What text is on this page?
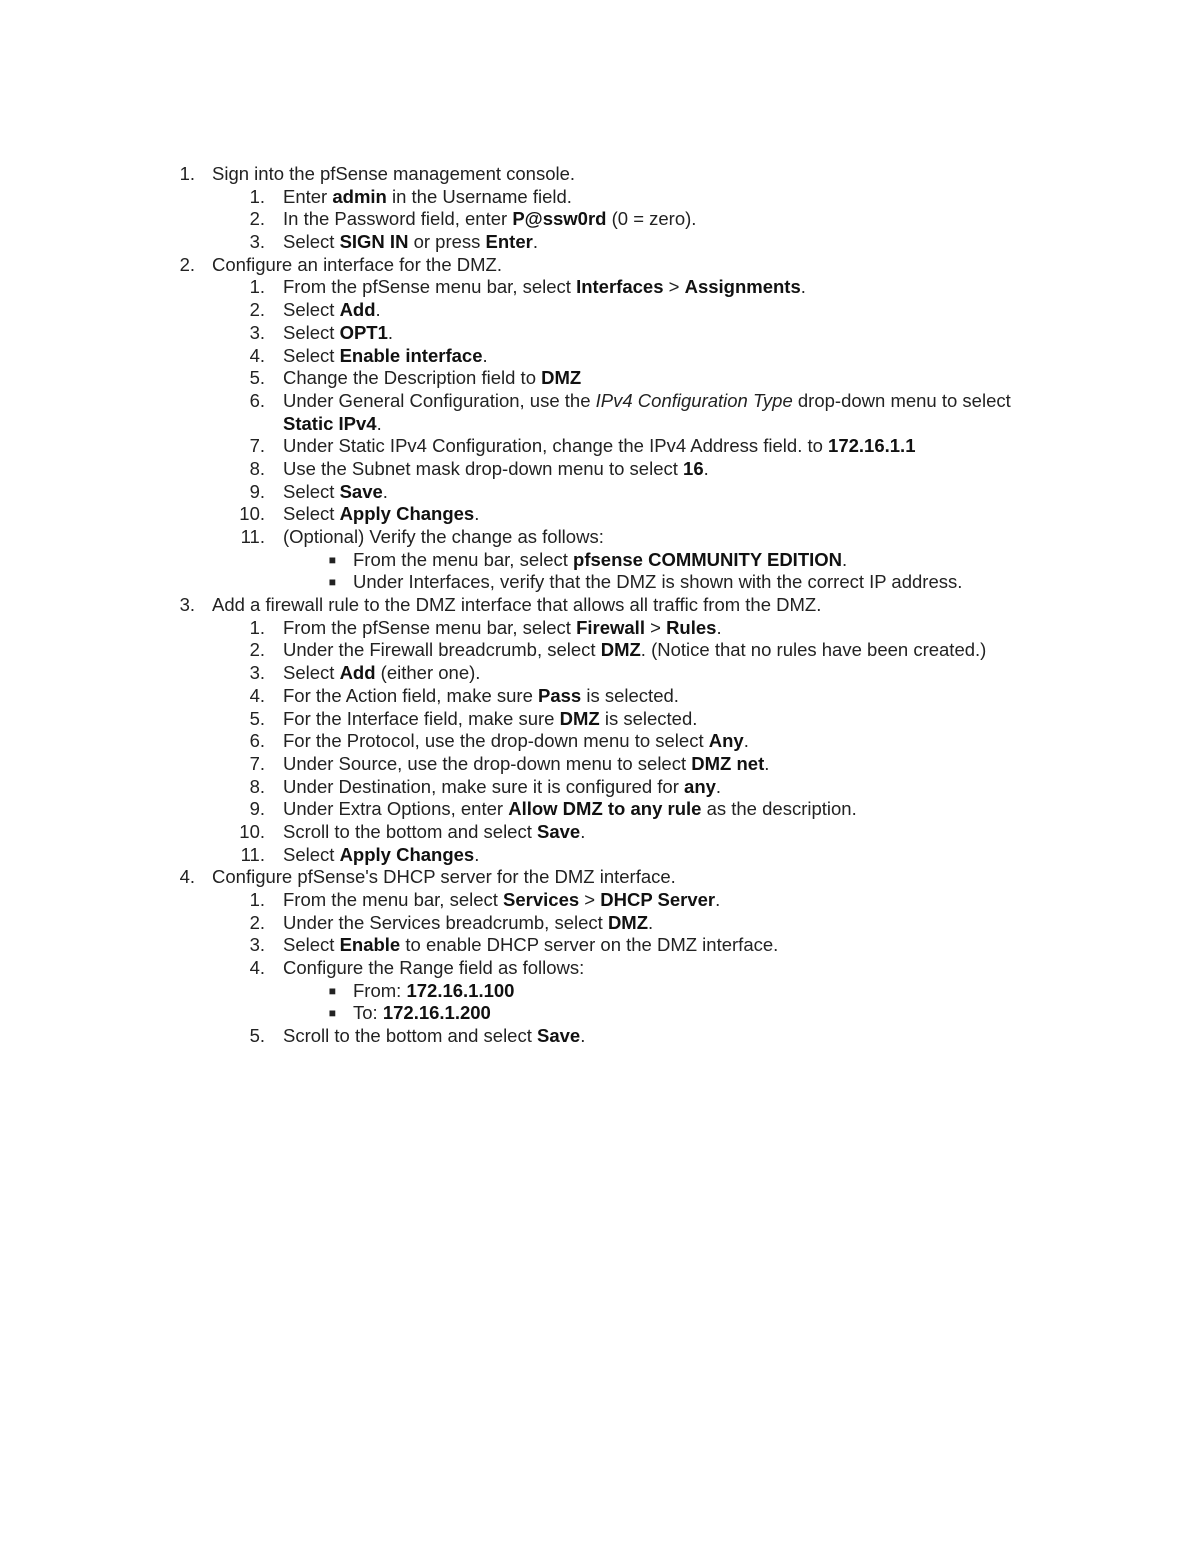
1. Sign into the pfSense management console.
1. Enter admin in the Username field.
2. In the Password field, enter P@ssw0rd (0 = zero).
3. Select SIGN IN or press Enter.
2. Configure an interface for the DMZ.
1. From the pfSense menu bar, select Interfaces > Assignments.
2. Select Add.
3. Select OPT1.
4. Select Enable interface.
5. Change the Description field to DMZ
6. Under General Configuration, use the IPv4 Configuration Type drop-down menu to select
Static IPv4.
7. Under Static IPv4 Configuration, change the IPv4 Address field. to 172.16.1.1
8. Use the Subnet mask drop-down menu to select 16.
9. Select Save.
10. Select Apply Changes.
11. (Optional) Verify the change as follows:
■ From the menu bar, select pfsense COMMUNITY EDITION.
■ Under Interfaces, verify that the DMZ is shown with the correct IP address.
3. Add a firewall rule to the DMZ interface that allows all traffic from the DMZ.
1. From the pfSense menu bar, select Firewall > Rules.
2. Under the Firewall breadcrumb, select DMZ. (Notice that no rules have been created.)
3. Select Add (either one).
4. For the Action field, make sure Pass is selected.
5. For the Interface field, make sure DMZ is selected.
6. For the Protocol, use the drop-down menu to select Any.
7. Under Source, use the drop-down menu to select DMZ net.
8. Under Destination, make sure it is configured for any.
9. Under Extra Options, enter Allow DMZ to any rule as the description.
10. Scroll to the bottom and select Save.
11. Select Apply Changes.
4. Configure pfSense's DHCP server for the DMZ interface.
1. From the menu bar, select Services > DHCP Server.
2. Under the Services breadcrumb, select DMZ.
3. Select Enable to enable DHCP server on the DMZ interface.
4. Configure the Range field as follows:
■ From: 172.16.1.100
■ To: 172.16.1.200
5. Scroll to the bottom and select Save.
